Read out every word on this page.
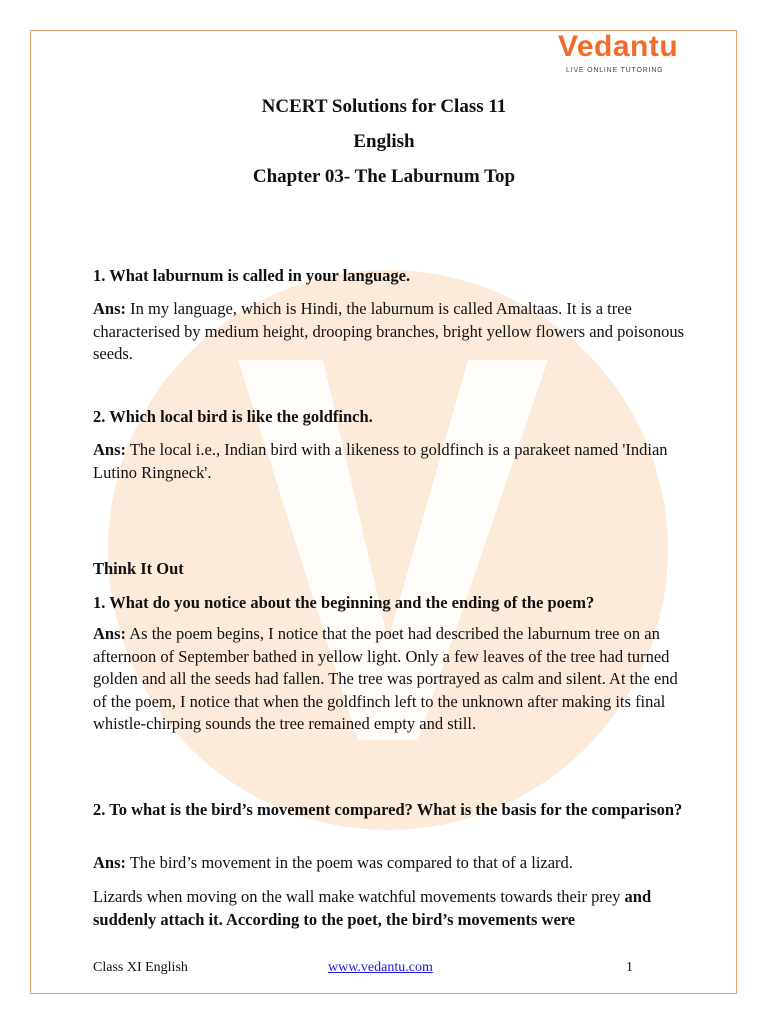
Vedantu
LIVE ONLINE TUTORING
NCERT Solutions for Class 11
English
Chapter 03- The Laburnum Top
1. What laburnum is called in your language.
Ans: In my language, which is Hindi, the laburnum is called Amaltaas. It is a tree characterised by medium height, drooping branches, bright yellow flowers and poisonous seeds.
2. Which local bird is like the goldfinch.
Ans: The local i.e., Indian bird with a likeness to goldfinch is a parakeet named 'Indian Lutino Ringneck'.
Think It Out
1. What do you notice about the beginning and the ending of the poem?
Ans: As the poem begins, I notice that the poet had described the laburnum tree on an afternoon of September bathed in yellow light. Only a few leaves of the tree had turned golden and all the seeds had fallen. The tree was portrayed as calm and silent. At the end of the poem, I notice that when the goldfinch left to the unknown after making its final whistle-chirping sounds the tree remained empty and still.
2. To what is the bird’s movement compared? What is the basis for the comparison?
Ans: The bird’s movement in the poem was compared to that of a lizard.
Lizards when moving on the wall make watchful movements towards their prey and suddenly attach it. According to the poet, the bird’s movements were
Class XI English	www.vedantu.com	1
